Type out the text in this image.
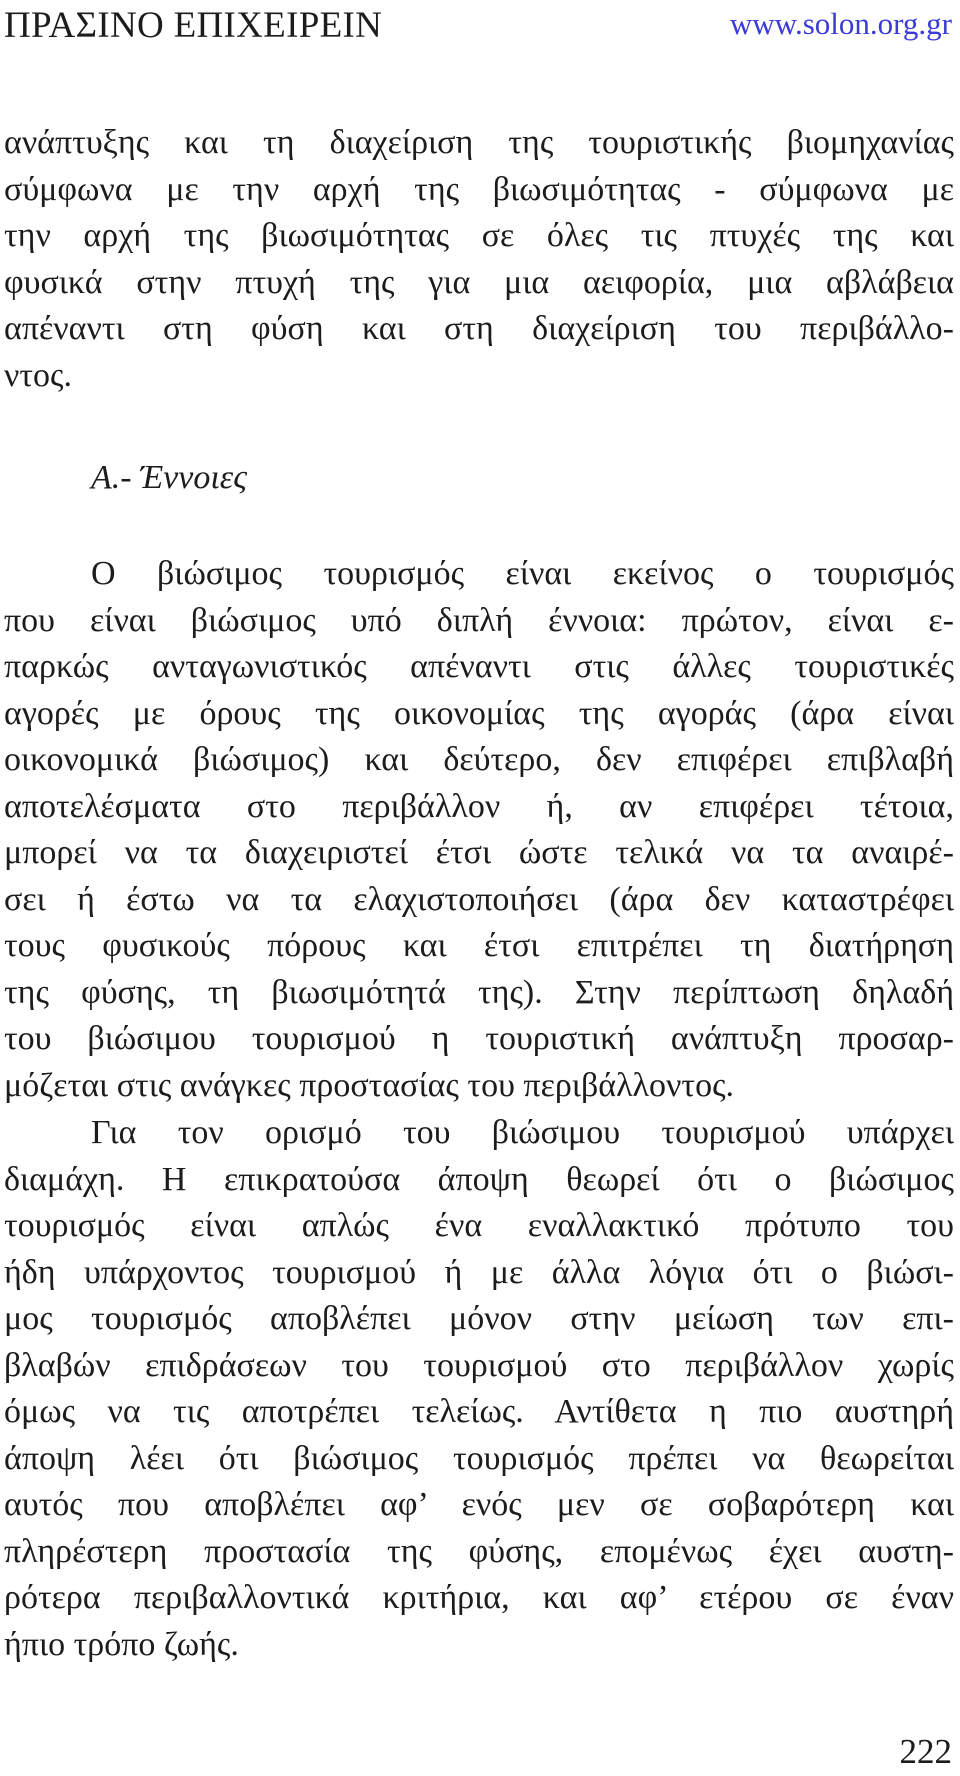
ΠΡΑΣΙΝΟ ΕΠΙΧΕΙΡΕΙΝ	www.solon.org.gr
ανάπτυξης και τη διαχείριση της τουριστικής βιομηχανίας
σύμφωνα με την αρχή της βιωσιμότητας - σύμφωνα με
την αρχή της βιωσιμότητας σε όλες τις πτυχές της και
φυσικά στην πτυχή της για μια αειφορία, μια αβλάβεια
απέναντι στη φύση και στη διαχείριση του περιβάλλο-
ντος.
Α.- Έννοιες
Ο βιώσιμος τουρισμός είναι εκείνος ο τουρισμός
που είναι βιώσιμος υπό διπλή έννοια: πρώτον, είναι ε-
παρκώς ανταγωνιστικός απέναντι στις άλλες τουριστικές
αγορές με όρους της οικονομίας της αγοράς (άρα είναι
οικονομικά βιώσιμος) και δεύτερο, δεν επιφέρει επιβλαβή
αποτελέσματα στο περιβάλλον ή, αν επιφέρει τέτοια,
μπορεί να τα διαχειριστεί έτσι ώστε τελικά να τα αναιρέ-
σει ή έστω να τα ελαχιστοποιήσει (άρα δεν καταστρέφει
τους φυσικούς πόρους και έτσι επιτρέπει τη διατήρηση
της φύσης, τη βιωσιμότητά της). Στην περίπτωση δηλαδή
του βιώσιμου τουρισμού η τουριστική ανάπτυξη προσαρ-
μόζεται στις ανάγκες προστασίας του περιβάλλοντος.
Για τον ορισμό του βιώσιμου τουρισμού υπάρχει
διαμάχη. Η επικρατούσα άποψη θεωρεί ότι ο βιώσιμος
τουρισμός είναι απλώς ένα εναλλακτικό πρότυπο του
ήδη υπάρχοντος τουρισμού ή με άλλα λόγια ότι ο βιώσι-
μος τουρισμός αποβλέπει μόνον στην μείωση των επι-
βλαβών επιδράσεων του τουρισμού στο περιβάλλον χωρίς
όμως να τις αποτρέπει τελείως. Αντίθετα η πιο αυστηρή
άποψη λέει ότι βιώσιμος τουρισμός πρέπει να θεωρείται
αυτός που αποβλέπει αφ’ ενός μεν σε σοβαρότερη και
πληρέστερη προστασία της φύσης, επομένως έχει αυστη-
ρότερα περιβαλλοντικά κριτήρια, και αφ’ ετέρου σε έναν
ήπιο τρόπο ζωής.
222
